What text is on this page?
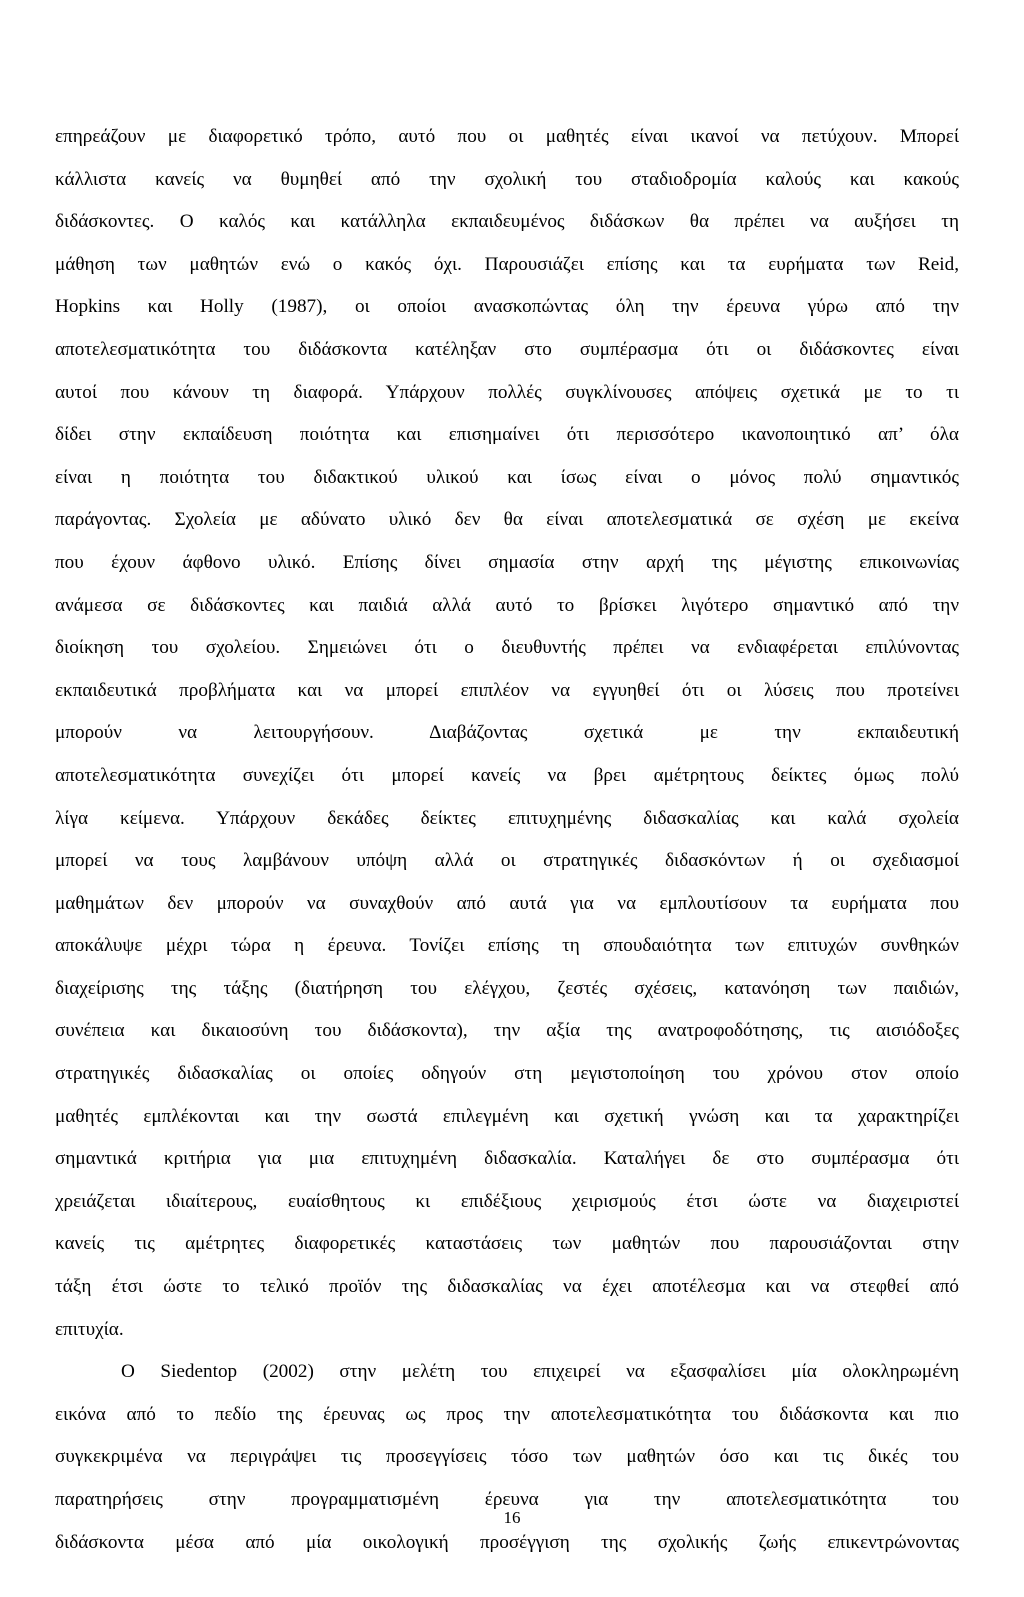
επηρεάζουν με διαφορετικό τρόπο, αυτό που οι μαθητές είναι ικανοί να πετύχουν. Μπορεί
κάλλιστα κανείς να θυμηθεί από την σχολική του σταδιοδρομία καλούς και κακούς
διδάσκοντες. Ο καλός και κατάλληλα εκπαιδευμένος διδάσκων θα πρέπει να αυξήσει τη
μάθηση των μαθητών ενώ ο κακός όχι. Παρουσιάζει επίσης και τα ευρήματα των Reid,
Hopkins και Holly (1987), οι οποίοι ανασκοπώντας όλη την έρευνα γύρω από την
αποτελεσματικότητα του διδάσκοντα κατέληξαν στο συμπέρασμα ότι οι διδάσκοντες είναι
αυτοί που κάνουν τη διαφορά. Υπάρχουν πολλές συγκλίνουσες απόψεις σχετικά με το τι
δίδει στην εκπαίδευση ποιότητα και επισημαίνει ότι περισσότερο ικανοποιητικό απ’ όλα
είναι η ποιότητα του διδακτικού υλικού και ίσως είναι ο μόνος πολύ σημαντικός
παράγοντας. Σχολεία με αδύνατο υλικό δεν θα είναι αποτελεσματικά σε σχέση με εκείνα
που έχουν άφθονο υλικό. Επίσης δίνει σημασία στην αρχή της μέγιστης επικοινωνίας
ανάμεσα σε διδάσκοντες και παιδιά αλλά αυτό το βρίσκει λιγότερο σημαντικό από την
διοίκηση του σχολείου. Σημειώνει ότι ο διευθυντής πρέπει να ενδιαφέρεται επιλύνοντας
εκπαιδευτικά προβλήματα και να μπορεί επιπλέον να εγγυηθεί ότι οι λύσεις που προτείνει
μπορούν να λειτουργήσουν. Διαβάζοντας σχετικά με την εκπαιδευτική
αποτελεσματικότητα συνεχίζει ότι μπορεί κανείς να βρει αμέτρητους δείκτες όμως πολύ
λίγα κείμενα. Υπάρχουν δεκάδες δείκτες επιτυχημένης διδασκαλίας και καλά σχολεία
μπορεί να τους λαμβάνουν υπόψη αλλά οι στρατηγικές διδασκόντων ή οι σχεδιασμοί
μαθημάτων δεν μπορούν να συναχθούν από αυτά για να εμπλουτίσουν τα ευρήματα που
αποκάλυψε μέχρι τώρα η έρευνα. Τονίζει επίσης τη σπουδαιότητα των επιτυχών συνθηκών
διαχείρισης της τάξης (διατήρηση του ελέγχου, ζεστές σχέσεις, κατανόηση των παιδιών,
συνέπεια και δικαιοσύνη του διδάσκοντα), την αξία της ανατροφοδότησης, τις αισιόδοξες
στρατηγικές διδασκαλίας οι οποίες οδηγούν στη μεγιστοποίηση του χρόνου στον οποίο
μαθητές εμπλέκονται και την σωστά επιλεγμένη και σχετική γνώση και τα χαρακτηρίζει
σημαντικά κριτήρια για μια επιτυχημένη διδασκαλία. Καταλήγει δε στο συμπέρασμα ότι
χρειάζεται ιδιαίτερους, ευαίσθητους κι επιδέξιους χειρισμούς έτσι ώστε να διαχειριστεί
κανείς τις αμέτρητες διαφορετικές καταστάσεις των μαθητών που παρουσιάζονται στην
τάξη έτσι ώστε το τελικό προϊόν της διδασκαλίας να έχει αποτέλεσμα και να στεφθεί από
επιτυχία.
Ο Siedentop (2002) στην μελέτη του επιχειρεί να εξασφαλίσει μία ολοκληρωμένη
εικόνα από το πεδίο της έρευνας ως προς την αποτελεσματικότητα του διδάσκοντα και πιο
συγκεκριμένα να περιγράψει τις προσεγγίσεις τόσο των μαθητών όσο και τις δικές του
παρατηρήσεις στην προγραμματισμένη έρευνα για την αποτελεσματικότητα του
διδάσκοντα μέσα από μία οικολογική προσέγγιση της σχολικής ζωής επικεντρώνοντας
16
